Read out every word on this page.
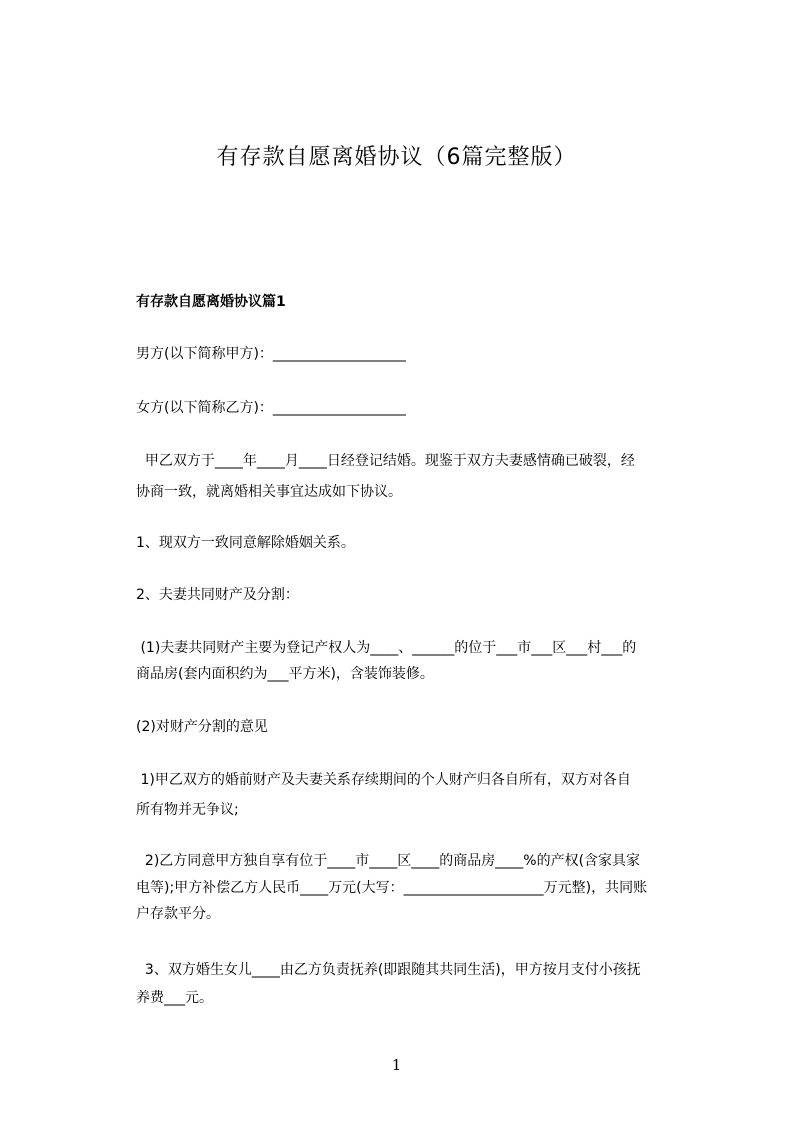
有存款自愿离婚协议（6篇完整版）
有存款自愿离婚协议篇1
男方(以下简称甲方)：___________________
女方(以下简称乙方)：___________________
甲乙双方于____年____月____日经登记结婚。现鉴于双方夫妻感情确已破裂，经
协商一致，就离婚相关事宜达成如下协议。
1、现双方一致同意解除婚姻关系。
2、夫妻共同财产及分割：
(1)夫妻共同财产主要为登记产权人为____、______的位于___市___区___村___的
商品房(套内面积约为___平方米)，含装饰装修。
(2)对财产分割的意见
1)甲乙双方的婚前财产及夫妻关系存续期间的个人财产归各自所有，双方对各自
所有物并无争议;
2)乙方同意甲方独自享有位于____市____区____的商品房____%的产权(含家具家
电等);甲方补偿乙方人民币____万元(大写：____________________万元整)，共同账
户存款平分。
3、双方婚生女儿____由乙方负责抚养(即跟随其共同生活)，甲方按月支付小孩抚
养费___元。
1
